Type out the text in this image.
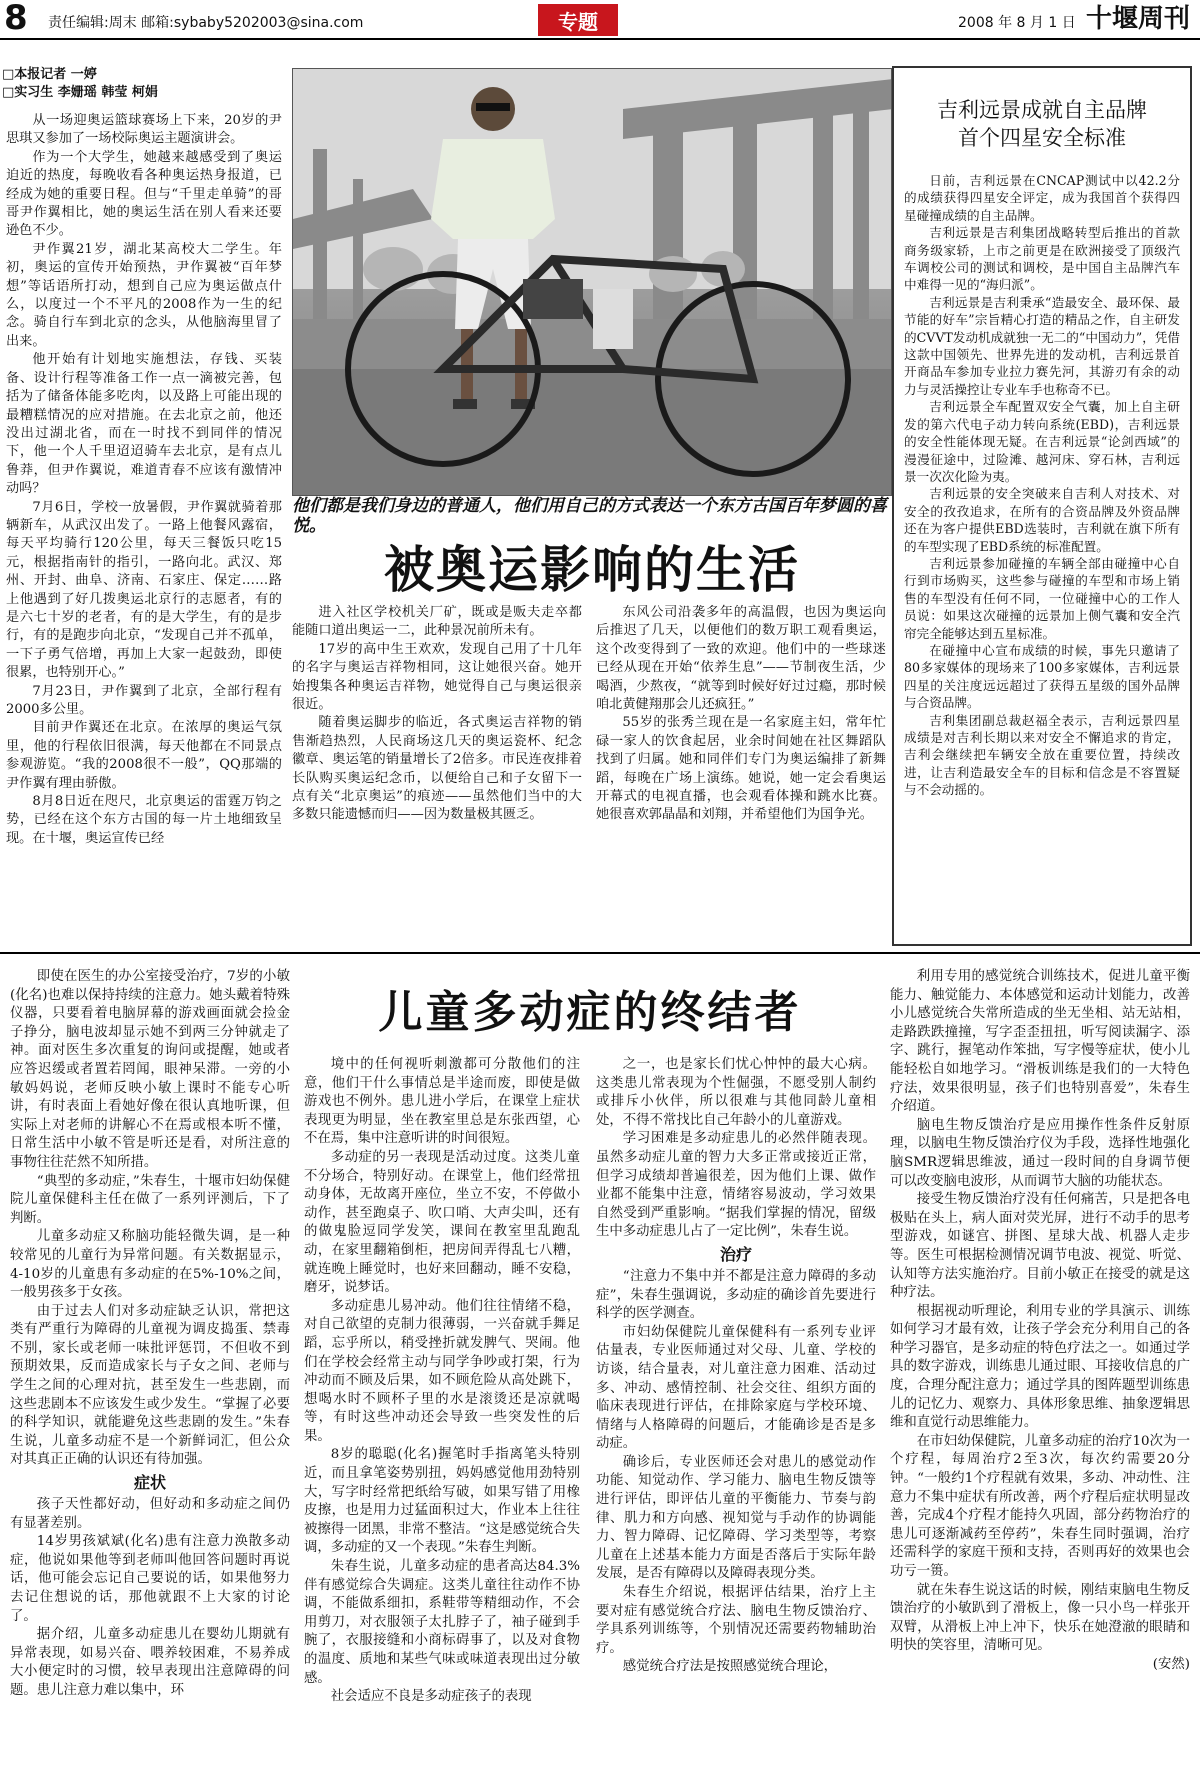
8 责任编辑:周末 邮箱:sybaby5202003@sina.com	专题	2008 年 8 月 1 日 十堰周刊
□本报记者 一婷
□实习生 李姗瑶 韩莹 柯娟

从一场迎奥运篮球赛场上下来，20岁的尹思琪又参加了一场校际奥运主题演讲会。

作为一个大学生，她越来越感受到了奥运迫近的热度，每晚收看各种奥运热身报道，已经成为她的重要日程。但与“千里走单骑”的哥哥尹作翼相比，她的奥运生活在别人看来还要逊色不少。

尹作翼21岁，湖北某高校大二学生。年初，奥运的宣传开始预热，尹作翼被“百年梦想”等话语所打动，想到自己应为奥运做点什么，以度过一个不平凡的2008作为一生的纪念。骑自行车到北京的念头，从他脑海里冒了出来。

他开始有计划地实施想法，存钱、买装备、设计行程等准备工作一点一滴被完善，包括为了储备体能多吃肉，以及路上可能出现的最糟糕情况的应对措施。在去北京之前，他还没出过湖北省，而在一时找不到同伴的情况下，他一个人千里迢迢骑车去北京，是有点儿鲁莽，但尹作翼说，难道青春不应该有激情冲动吗？

7月6日，学校一放暑假，尹作翼就骑着那辆新车，从武汉出发了。一路上他餐风露宿，每天平均骑行120公里，每天三餐饭只吃15元，根据指南针的指引，一路向北。武汉、郑州、开封、曲阜、济南、石家庄、保定……路上他遇到了好几拨奥运北京行的志愿者，有的是六七十岁的老者，有的是大学生，有的是步行，有的是跑步向北京，“发现自己并不孤单，一下子勇气倍增，再加上大家一起鼓劲，即使很累，也特别开心。”

7月23日，尹作翼到了北京，全部行程有2000多公里。

目前尹作翼还在北京。在浓厚的奥运气氛里，他的行程依旧很满，每天他都在不同景点参观游览。“我的2008很不一般”，QQ那端的尹作翼有理由骄傲。

8月8日近在咫尺，北京奥运的雷霆万钧之势，已经在这个东方古国的每一片土地细致呈现。在十堰，奥运宣传已经

他们都是我们身边的普通人，他们用自己的方式表达一个东方古国百年梦圆的喜悦。
被奥运影响的生活

进入社区学校机关厂矿，既或是贩夫走卒都能随口道出奥运一二，此种景况前所未有。

17岁的高中生王欢欢，发现自己用了十几年的名字与奥运吉祥物相同，这让她很兴奋。她开始搜集各种奥运吉祥物，她觉得自己与奥运很亲很近。

随着奥运脚步的临近，各式奥运吉祥物的销售渐趋热烈，人民商场这几天的奥运瓷杯、纪念徽章、奥运笔的销量增长了2倍多。市民连夜排着长队购买奥运纪念币，以便给自己和子女留下一点有关“北京奥运”的痕迹——虽然他们当中的大多数只能遗憾而归——因为数量极其匮乏。

东风公司沿袭多年的高温假，也因为奥运向后推迟了几天，以便他们的数万职工观看奥运，这个改变得到了一致的欢迎。他们中的一些球迷已经从现在开始“依养生息”——节制夜生活，少喝酒，少熬夜，“就等到时候好好过过瘾，那时候咱北黄健翔那会儿还疯狂。”

55岁的张秀兰现在是一名家庭主妇，常年忙碌一家人的饮食起居，业余时间她在社区舞蹈队找到了归属。她和同伴们专门为奥运编排了新舞蹈，每晚在广场上演练。她说，她一定会看奥运开幕式的电视直播，也会观看体操和跳水比赛。她很喜欢郭晶晶和刘翔，并希望他们为国争光。

吉利远景成就自主品牌
首个四星安全标准

日前，吉利远景在CNCAP测试中以42.2分的成绩获得四星安全评定，成为我国首个获得四星碰撞成绩的自主品牌。

吉利远景是吉利集团战略转型后推出的首款商务级家轿，上市之前更是在欧洲接受了顶级汽车调校公司的测试和调校，是中国自主品牌汽车中难得一见的“海归派”。

吉利远景是吉利秉承“造最安全、最环保、最节能的好车”宗旨精心打造的精品之作，自主研发的CVVT发动机成就独一无二的“中国动力”，凭借这款中国领先、世界先进的发动机，吉利远景首开商品车参加专业拉力赛先河，其游刃有余的动力与灵活操控让专业车手也称奇不已。

吉利远景全车配置双安全气囊，加上自主研发的第六代电子动力转向系统(EBD)，吉利远景的安全性能体现无疑。在吉利远景“论剑西域”的漫漫征途中，过险滩、越河床、穿石林，吉利远景一次次化险为夷。

吉利远景的安全突破来自吉利人对技术、对安全的孜孜追求，在所有的合资品牌及外资品牌还在为客户提供EBD选装时，吉利就在旗下所有的车型实现了EBD系统的标准配置。

吉利远景参加碰撞的车辆全部由碰撞中心自行到市场购买，这些参与碰撞的车型和市场上销售的车型没有任何不同，一位碰撞中心的工作人员说：如果这次碰撞的远景加上侧气囊和安全汽帘完全能够达到五星标准。

在碰撞中心宣布成绩的时候，事先只邀请了80多家媒体的现场来了100多家媒体，吉利远景四星的关注度远远超过了获得五星级的国外品牌与合资品牌。

吉利集团副总裁赵福全表示，吉利远景四星成绩是对吉利长期以来对安全不懈追求的肯定，吉利会继续把车辆安全放在重要位置，持续改进，让吉利造最安全车的目标和信念是不容置疑与不会动摇的。

儿童多动症的终结者

即使在医生的办公室接受治疗，7岁的小敏(化名)也难以保持持续的注意力。她头戴着特殊仪器，只要看着电脑屏幕的游戏画面就会捡金子挣分，脑电波却显示她不到两三分钟就走了神。面对医生多次重复的询问或提醒，她或者应答迟缓或者置若罔闻，眼神呆滞。一旁的小敏妈妈说，老师反映小敏上课时不能专心听讲，有时表面上看她好像在很认真地听课，但实际上对老师的讲解心不在焉或根本听不懂，日常生活中小敏不管是听还是看，对所注意的事物往往茫然不知所措。

“典型的多动症，”朱春生，十堰市妇幼保健院儿童保健科主任在做了一系列评测后，下了判断。

儿童多动症又称脑功能轻微失调，是一种较常见的儿童行为异常问题。有关数据显示，4-10岁的儿童患有多动症的在5%-10%之间，一般男孩多于女孩。

由于过去人们对多动症缺乏认识，常把这类有严重行为障碍的儿童视为调皮捣蛋、禁毒不别，家长或老师一味批评惩罚，不但收不到预期效果，反而造成家长与子女之间、老师与学生之间的心理对抗，甚至发生一些悲剧，而这些悲剧本不应该发生或少发生。“掌握了必要的科学知识，就能避免这些悲剧的发生。”朱春生说，儿童多动症不是一个新鲜词汇，但公众对其真正正确的认识还有待加强。

症状

孩子天性都好动，但好动和多动症之间仍有显著差别。

14岁男孩斌斌(化名)患有注意力涣散多动症，他说如果他等到老师叫他回答问题时再说话，他可能会忘记自己要说的话，如果他努力去记住想说的话，那他就跟不上大家的讨论了。

据介绍，儿童多动症患儿在婴幼儿期就有异常表现，如易兴奋、喂养较困难，不易养成大小便定时的习惯，较早表现出注意障碍的问题。患儿注意力难以集中，环

境中的任何视听刺激都可分散他们的注意，他们干什么事情总是半途而废，即使是做游戏也不例外。患儿进小学后，在课堂上症状表现更为明显，坐在教室里总是东张西望，心不在焉，集中注意听讲的时间很短。

多动症的另一表现是活动过度。这类儿童不分场合，特别好动。在课堂上，他们经常扭动身体，无故离开座位，坐立不安，不停做小动作，甚至跑桌子、吹口哨、大声尖叫，还有的做鬼脸逗同学发笑，课间在教室里乱跑乱动，在家里翻箱倒柜，把房间弄得乱七八糟，就连晚上睡觉时，也好来回翻动，睡不安稳，磨牙，说梦话。

多动症患儿易冲动。他们往往情绪不稳，对自己欲望的克制力很薄弱，一兴奋就手舞足蹈，忘乎所以，稍受挫折就发脾气、哭闹。他们在学校会经常主动与同学争吵或打架，行为冲动而不顾及后果，如不顾危险从高处跳下，想喝水时不顾杯子里的水是滚烫还是凉就喝等，有时这些冲动还会导致一些突发性的后果。

8岁的聪聪(化名)握笔时手指离笔头特别近，而且拿笔姿势别扭，妈妈感觉他用劲特别大，写字时经常把纸给写破，如果写错了用橡皮擦，也是用力过猛面积过大，作业本上往往被擦得一团黑，非常不整洁。“这是感觉统合失调，多动症的又一个表现。”朱春生判断。

朱春生说，儿童多动症的患者高达84.3%伴有感觉综合失调症。这类儿童往往动作不协调，不能做系细扣，系鞋带等精细动作，不会用剪刀，对衣服领子太扎脖子了，袖子碰到手腕了，衣服接缝和小商标碍事了，以及对食物的温度、质地和某些气味或味道表现出过分敏感。

社会适应不良是多动症孩子的表现

之一，也是家长们忧心忡忡的最大心病。这类患儿常表现为个性倔强，不愿受别人制约或排斥小伙伴，所以很难与其他同龄儿童相处，不得不常找比自己年龄小的儿童游戏。

学习困难是多动症患儿的必然伴随表现。虽然多动症儿童的智力大多正常或接近正常，但学习成绩却普遍很差，因为他们上课、做作业都不能集中注意，情绪容易波动，学习效果自然受到严重影响。“据我们掌握的情况，留级生中多动症患儿占了一定比例”，朱春生说。

治疗

“注意力不集中并不都是注意力障碍的多动症”，朱春生强调说，多动症的确诊首先要进行科学的医学测查。

市妇幼保健院儿童保健科有一系列专业评估量表，专业医师通过对父母、儿童、学校的访谈，结合量表，对儿童注意力困难、活动过多、冲动、感情控制、社会交往、组织方面的临床表现进行评估，在排除家庭与学校环境、情绪与人格障碍的问题后，才能确诊是否是多动症。

确诊后，专业医师还会对患儿的感觉动作功能、知觉动作、学习能力、脑电生物反馈等进行评估，即评估儿童的平衡能力、节奏与韵律、肌力和方向感、视知觉与手动作的协调能力、智力障碍、记忆障碍、学习类型等，考察儿童在上述基本能力方面是否落后于实际年龄发展，是否有障碍以及障碍表现分类。

朱春生介绍说，根据评估结果，治疗上主要对症有感觉统合疗法、脑电生物反馈治疗、学具系列训练等，个别情况还需要药物辅助治疗。

感觉统合疗法是按照感觉统合理论，

利用专用的感觉统合训练技术，促进儿童平衡能力、触觉能力、本体感觉和运动计划能力，改善小儿感觉统合失常所造成的坐无坐相、站无站相，走路跌跌撞撞，写字歪歪扭扭，听写阅读漏字、添字、跳行，握笔动作笨拙，写字慢等症状，使小儿能轻松自如地学习。“滑板训练是我们的一大特色疗法，效果很明显，孩子们也特别喜爱”，朱春生介绍道。

脑电生物反馈治疗是应用操作性条件反射原理，以脑电生物反馈治疗仪为手段，选择性地强化脑SMR逻辑思维波，通过一段时间的自身调节便可以改变脑电波形，从而调节大脑的功能状态。

接受生物反馈治疗没有任何痛苦，只是把各电极贴在头上，病人面对荧光屏，进行不动手的思考型游戏，如谜宫、拼图、星球大战、机器人走步等。医生可根据检测情况调节电波、视觉、听觉、认知等方法实施治疗。目前小敏正在接受的就是这种疗法。

根据视动听理论，利用专业的学具演示、训练如何学习才最有效，让孩子学会充分利用自己的各种学习器官，是多动症的特色疗法之一。如通过学具的数字游戏，训练患儿通过眼、耳接收信息的广度，合理分配注意力；通过学具的图阵题型训练患儿的记忆力、观察力、具体形象思维、抽象逻辑思维和直觉行动思维能力。

在市妇幼保健院，儿童多动症的治疗10次为一个疗程，每周治疗2至3次，每次约需要20分钟。“一般约1个疗程就有效果，多动、冲动性、注意力不集中症状有所改善，两个疗程后症状明显改善，完成4个疗程才能持久巩固，部分药物治疗的患儿可逐渐减药至停药”，朱春生同时强调，治疗还需科学的家庭干预和支持，否则再好的效果也会功亏一篑。

就在朱春生说这话的时候，刚结束脑电生物反馈治疗的小敏趴到了滑板上，像一只小鸟一样张开双臂，从滑板上冲上冲下，快乐在她澄澈的眼睛和明快的笑容里，清晰可见。

(安然)
